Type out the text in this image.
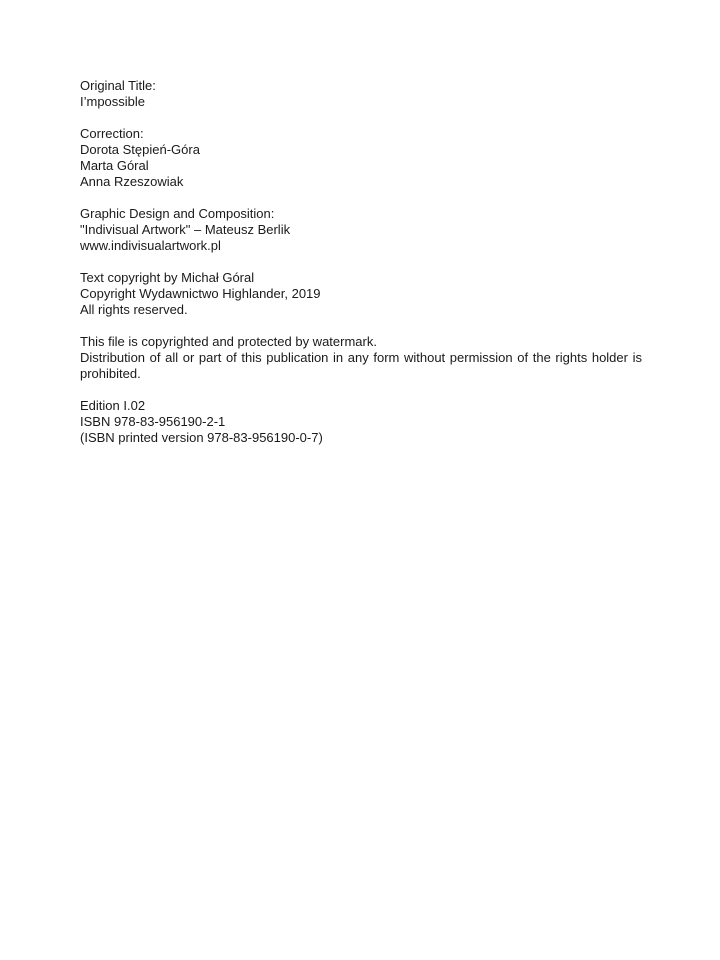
Original Title:
I’mpossible
Correction:
Dorota Stępień-Góra
Marta Góral
Anna Rzeszowiak
Graphic Design and Composition:
"Indivisual Artwork" – Mateusz Berlik
www.indivisualartwork.pl
Text copyright by Michał Góral
Copyright Wydawnictwo Highlander, 2019
All rights reserved.
This file is copyrighted and protected by watermark.
Distribution of all or part of this publication in any form without permission of the rights holder is prohibited.
Edition I.02
ISBN 978-83-956190-2-1
(ISBN printed version 978-83-956190-0-7)
